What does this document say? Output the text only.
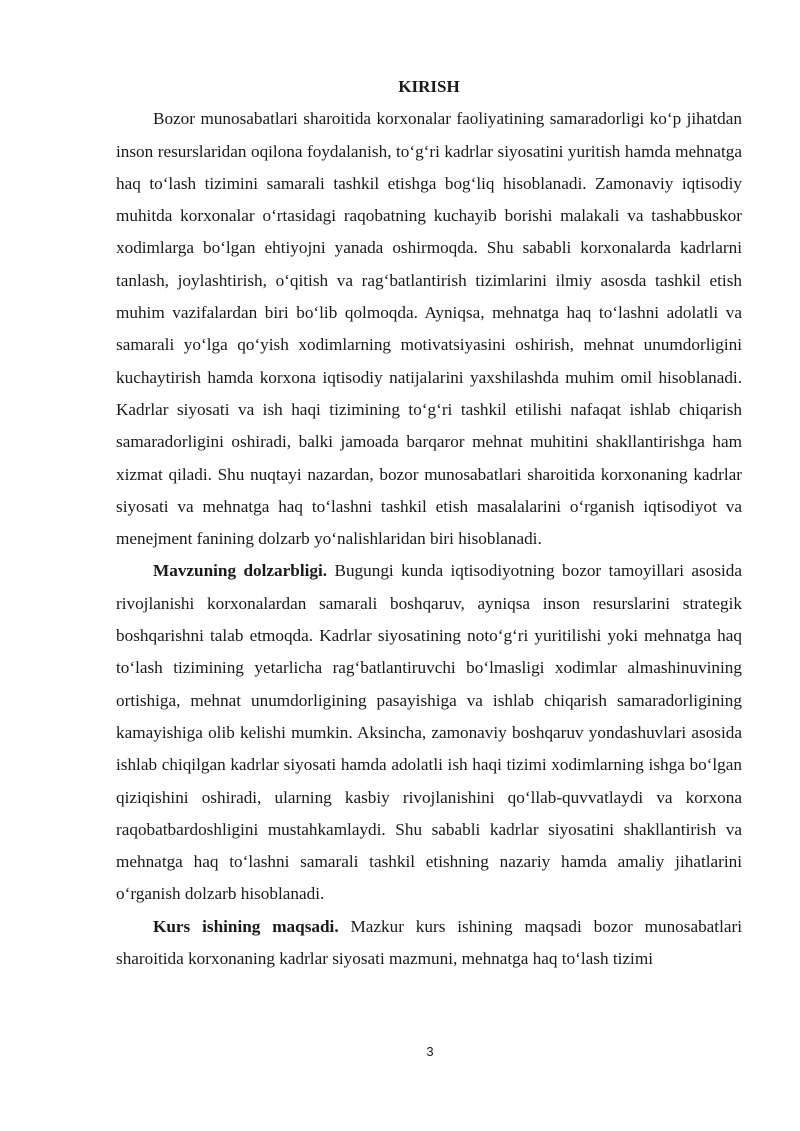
KIRISH

Bozor munosabatlari sharoitida korxonalar faoliyatining samaradorligi ko‘p jihatdan inson resurslaridan oqilona foydalanish, to‘g‘ri kadrlar siyosatini yuritish hamda mehnatga haq to‘lash tizimini samarali tashkil etishga bog‘liq hisoblanadi. Zamonaviy iqtisodiy muhitda korxonalar o‘rtasidagi raqobatning kuchayib borishi malakali va tashabbuskor xodimlarga bo‘lgan ehtiyojni yanada oshirmoqda. Shu sababli korxonalarda kadrlarni tanlash, joylashtirish, o‘qitish va rag‘batlantirish tizimlarini ilmiy asosda tashkil etish muhim vazifalardan biri bo‘lib qolmoqda. Ayniqsa, mehnatga haq to‘lashni adolatli va samarali yo‘lga qo‘yish xodimlarning motivatsiyasini oshirish, mehnat unumdorligini kuchaytirish hamda korxona iqtisodiy natijalarini yaxshilashda muhim omil hisoblanadi. Kadrlar siyosati va ish haqi tizimining to‘g‘ri tashkil etilishi nafaqat ishlab chiqarish samaradorligini oshiradi, balki jamoada barqaror mehnat muhitini shakllantirishga ham xizmat qiladi. Shu nuqtayi nazardan, bozor munosabatlari sharoitida korxonaning kadrlar siyosati va mehnatga haq to‘lashni tashkil etish masalalarini o‘rganish iqtisodiyot va menejment fanining dolzarb yo‘nalishlaridan biri hisoblanadi.

Mavzuning dolzarbligi. Bugungi kunda iqtisodiyotning bozor tamoyillari asosida rivojlanishi korxonalardan samarali boshqaruv, ayniqsa inson resurslarini strategik boshqarishni talab etmoqda. Kadrlar siyosatining noto‘g‘ri yuritilishi yoki mehnatga haq to‘lash tizimining yetarlicha rag‘batlantiruvchi bo‘lmasligi xodimlar almashinuvining ortishiga, mehnat unumdorligining pasayishiga va ishlab chiqarish samaradorligining kamayishiga olib kelishi mumkin. Aksincha, zamonaviy boshqaruv yondashuvlari asosida ishlab chiqilgan kadrlar siyosati hamda adolatli ish haqi tizimi xodimlarning ishga bo‘lgan qiziqishini oshiradi, ularning kasbiy rivojlanishini qo‘llab-quvvatlaydi va korxona raqobatbardoshligini mustahkamlaydi. Shu sababli kadrlar siyosatini shakllantirish va mehnatga haq to‘lashni samarali tashkil etishning nazariy hamda amaliy jihatlarini o‘rganish dolzarb hisoblanadi.

Kurs ishining maqsadi. Mazkur kurs ishining maqsadi bozor munosabatlari sharoitida korxonaning kadrlar siyosati mazmuni, mehnatga haq to‘lash tizimi

3
